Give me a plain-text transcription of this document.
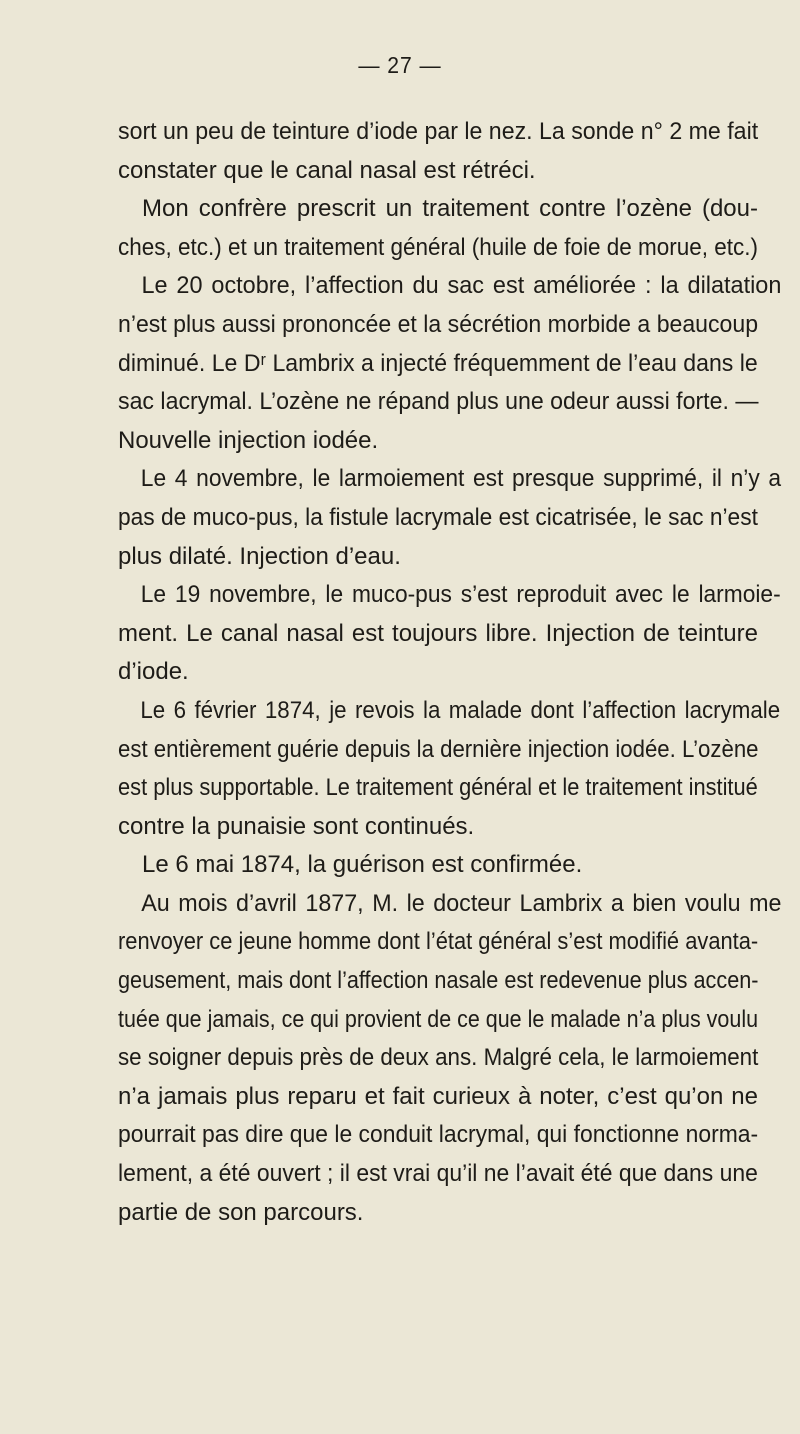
— 27 —
sort un peu de teinture d’iode par le nez. La sonde n° 2 me fait
constater que le canal nasal est rétréci.
Mon confrère prescrit un traitement contre l’ozène (dou-
ches, etc.) et un traitement général (huile de foie de morue, etc.)
Le 20 octobre, l’affection du sac est améliorée : la dilatation
n’est plus aussi prononcée et la sécrétion morbide a beaucoup
diminué. Le Dʳ Lambrix a injecté fréquemment de l’eau dans le
sac lacrymal. L’ozène ne répand plus une odeur aussi forte. —
Nouvelle injection iodée.
Le 4 novembre, le larmoiement est presque supprimé, il n’y a
pas de muco-pus, la fistule lacrymale est cicatrisée, le sac n’est
plus dilaté. Injection d’eau.
Le 19 novembre, le muco-pus s’est reproduit avec le larmoie-
ment. Le canal nasal est toujours libre. Injection de teinture
d’iode.
Le 6 février 1874, je revois la malade dont l’affection lacrymale
est entièrement guérie depuis la dernière injection iodée. L’ozène
est plus supportable. Le traitement général et le traitement institué
contre la punaisie sont continués.
Le 6 mai 1874, la guérison est confirmée.
Au mois d’avril 1877, M. le docteur Lambrix a bien voulu me
renvoyer ce jeune homme dont l’état général s’est modifié avanta-
geusement, mais dont l’affection nasale est redevenue plus accen-
tuée que jamais, ce qui provient de ce que le malade n’a plus voulu
se soigner depuis près de deux ans. Malgré cela, le larmoiement
n’a jamais plus reparu et fait curieux à noter, c’est qu’on ne
pourrait pas dire que le conduit lacrymal, qui fonctionne norma-
lement, a été ouvert ; il est vrai qu’il ne l’avait été que dans une
partie de son parcours.
